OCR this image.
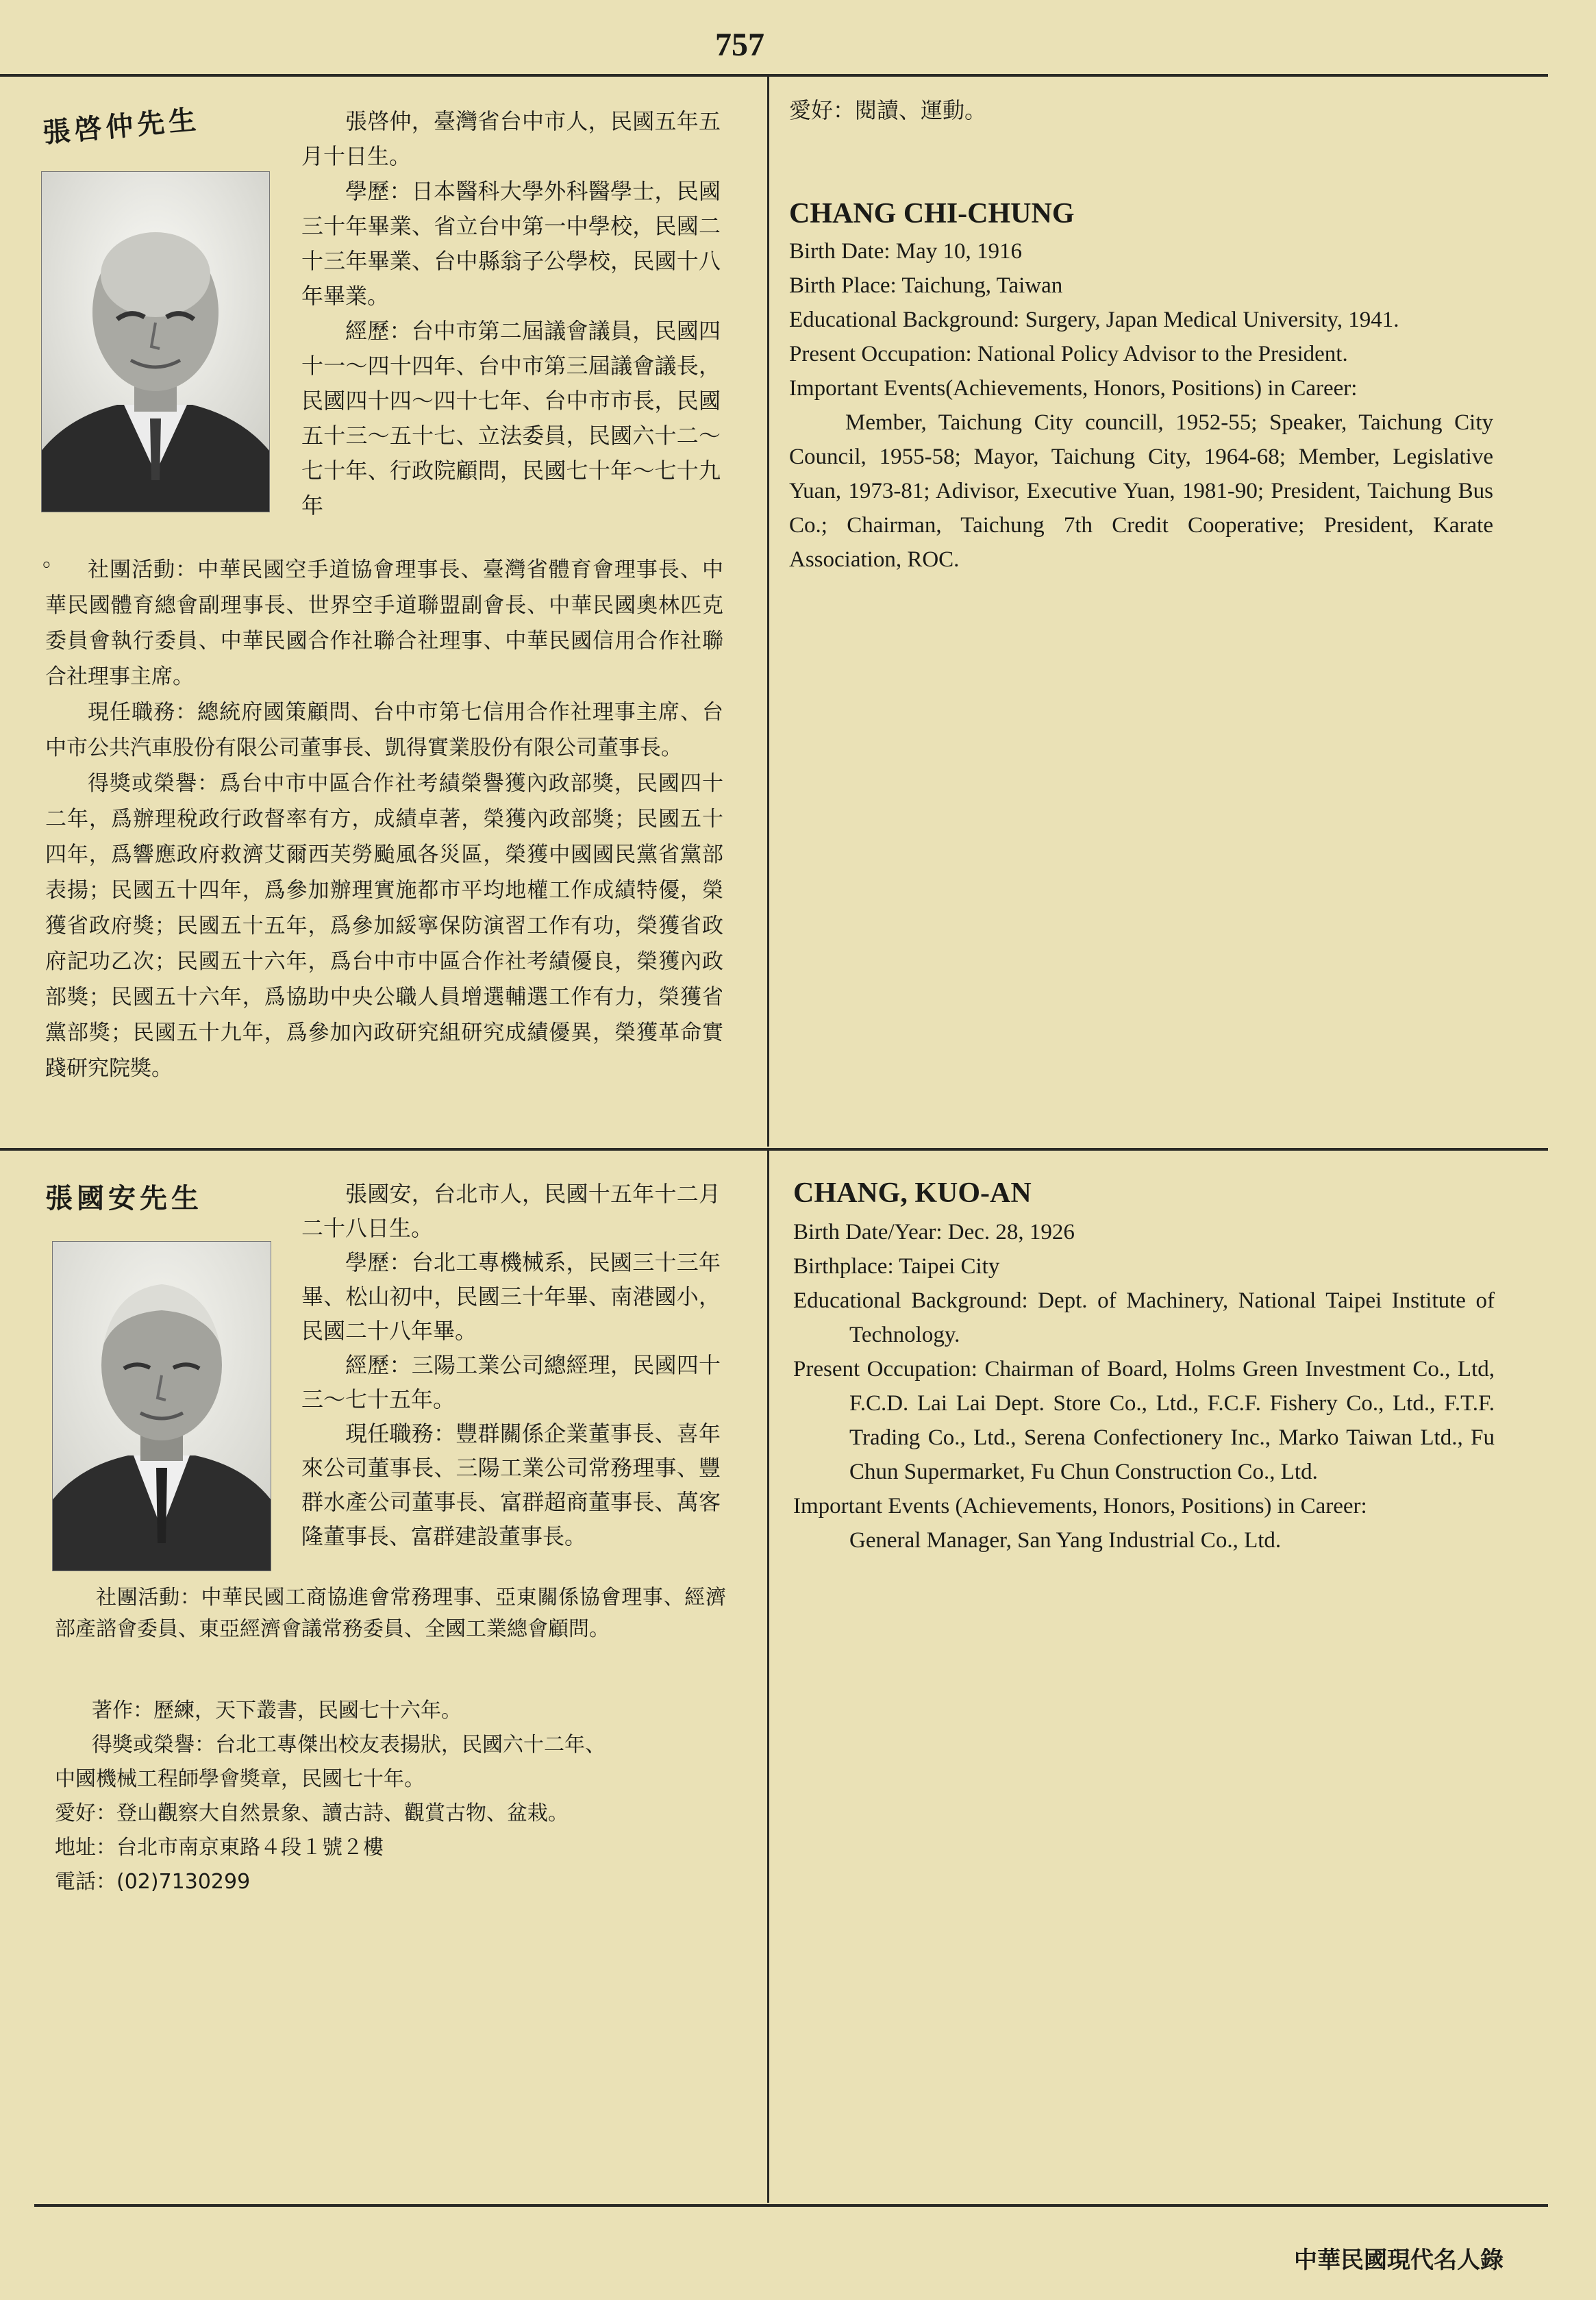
757
張啓仲先生	張啓仲，臺灣省台中市人，民國五年五月十日生。

學歷：日本醫科大學外科醫學士，民國三十年畢業、省立台中第一中學校，民國二十三年畢業、台中縣翁子公學校，民國十八年畢業。

經歷：台中市第二屆議會議員，民國四十一～四十四年、台中市第三屆議會議長，民國四十四～四十七年、台中市市長，民國五十三～五十七、立法委員，民國六十二～七十年、行政院顧問，民國七十年～七十九年

。	社團活動：中華民國空手道協會理事長、臺灣省體育會理事長、中華民國體育總會副理事長、世界空手道聯盟副會長、中華民國奧林匹克委員會執行委員、中華民國合作社聯合社理事、中華民國信用合作社聯合社理事主席。

現任職務：總統府國策顧問、台中市第七信用合作社理事主席、台中市公共汽車股份有限公司董事長、凱得實業股份有限公司董事長。

得獎或榮譽：爲台中市中區合作社考績榮譽獲內政部獎，民國四十二年，爲辦理稅政行政督率有方，成績卓著，榮獲內政部獎；民國五十四年，爲響應政府救濟艾爾西芙勞颱風各災區，榮獲中國國民黨省黨部表揚；民國五十四年，爲參加辦理實施都市平均地權工作成績特優，榮獲省政府獎；民國五十五年，爲參加綏寧保防演習工作有功，榮獲省政府記功乙次；民國五十六年，爲台中市中區合作社考績優良，榮獲內政部獎；民國五十六年，爲協助中央公職人員增選輔選工作有力，榮獲省黨部獎；民國五十九年，爲參加內政研究組研究成績優異，榮獲革命實踐研究院獎。

愛好：閱讀、運動。
CHANG CHI-CHUNG

Birth Date: May 10, 1916

Birth Place: Taichung, Taiwan

Educational Background: Surgery, Japan Medical University, 1941.

Present Occupation: National Policy Advisor to the President.

Important Events(Achievements, Honors, Positions) in Career:

Member, Taichung City councill, 1952-55; Speaker, Taichung City Council, 1955-58; Mayor, Taichung City, 1964-68; Member, Legislative Yuan, 1973-81; Adivisor, Executive Yuan, 1981-90; President, Taichung Bus Co.; Chairman, Taichung 7th Credit Cooperative; President, Karate Association, ROC.

張國安先生	張國安，台北市人，民國十五年十二月二十八日生。

學歷：台北工專機械系，民國三十三年畢、松山初中，民國三十年畢、南港國小，民國二十八年畢。

經歷：三陽工業公司總經理，民國四十三～七十五年。

現任職務：豐群關係企業董事長、喜年來公司董事長、三陽工業公司常務理事、豐群水產公司董事長、富群超商董事長、萬客隆董事長、富群建設董事長。

社團活動：中華民國工商協進會常務理事、亞東關係協會理事、經濟部產諮會委員、東亞經濟會議常務委員、全國工業總會顧問。

著作：歷練，天下叢書，民國七十六年。
得獎或榮譽：台北工專傑出校友表揚狀，民國六十二年、
中國機械工程師學會獎章，民國七十年。
愛好：登山觀察大自然景象、讀古詩、觀賞古物、盆栽。
地址：台北市南京東路４段１號２樓
電話：(02)7130299
CHANG, KUO-AN

Birth Date/Year: Dec. 28, 1926

Birthplace: Taipei City

Educational Background: Dept. of Machinery, National Taipei Institute of Technology.

Present Occupation: Chairman of Board, Holms Green Investment Co., Ltd, F.C.D. Lai Lai Dept. Store Co., Ltd., F.C.F. Fishery Co., Ltd., F.T.F. Trading Co., Ltd., Serena Confectionery Inc., Marko Taiwan Ltd., Fu Chun Supermarket, Fu Chun Construction Co., Ltd.

Important Events (Achievements, Honors, Positions) in Career:

General Manager, San Yang Industrial Co., Ltd.

中華民國現代名人錄
